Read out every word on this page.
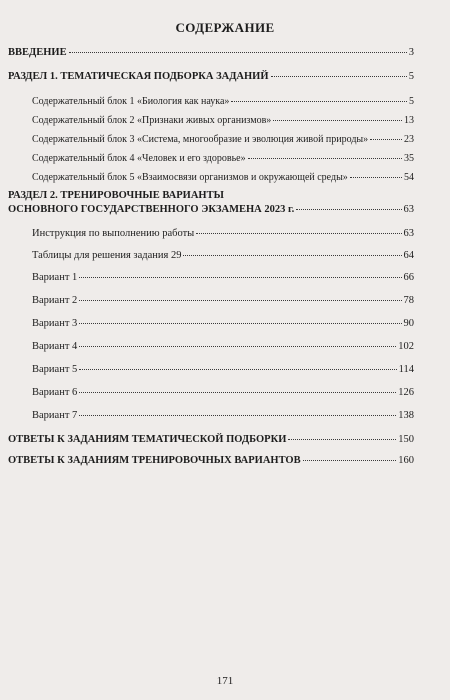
СОДЕРЖАНИЕ
ВВЕДЕНИЕ	3
РАЗДЕЛ 1. ТЕМАТИЧЕСКАЯ ПОДБОРКА ЗАДАНИЙ	5
Содержательный блок 1 «Биология как наука»	5
Содержательный блок 2 «Признаки живых организмов»	13
Содержательный блок 3 «Система, многообразие и эволюция живой природы»	23
Содержательный блок 4 «Человек и его здоровье»	35
Содержательный блок 5 «Взаимосвязи организмов и окружающей среды»	54
РАЗДЕЛ 2. ТРЕНИРОВОЧНЫЕ ВАРИАНТЫ
ОСНОВНОГО ГОСУДАРСТВЕННОГО ЭКЗАМЕНА 2023 г.	63
Инструкция по выполнению работы	63
Таблицы для решения задания 29	64
Вариант 1	66
Вариант 2	78
Вариант 3	90
Вариант 4	102
Вариант 5	114
Вариант 6	126
Вариант 7	138
ОТВЕТЫ К ЗАДАНИЯМ ТЕМАТИЧЕСКОЙ ПОДБОРКИ	150
ОТВЕТЫ К ЗАДАНИЯМ ТРЕНИРОВОЧНЫХ ВАРИАНТОВ	160
171
